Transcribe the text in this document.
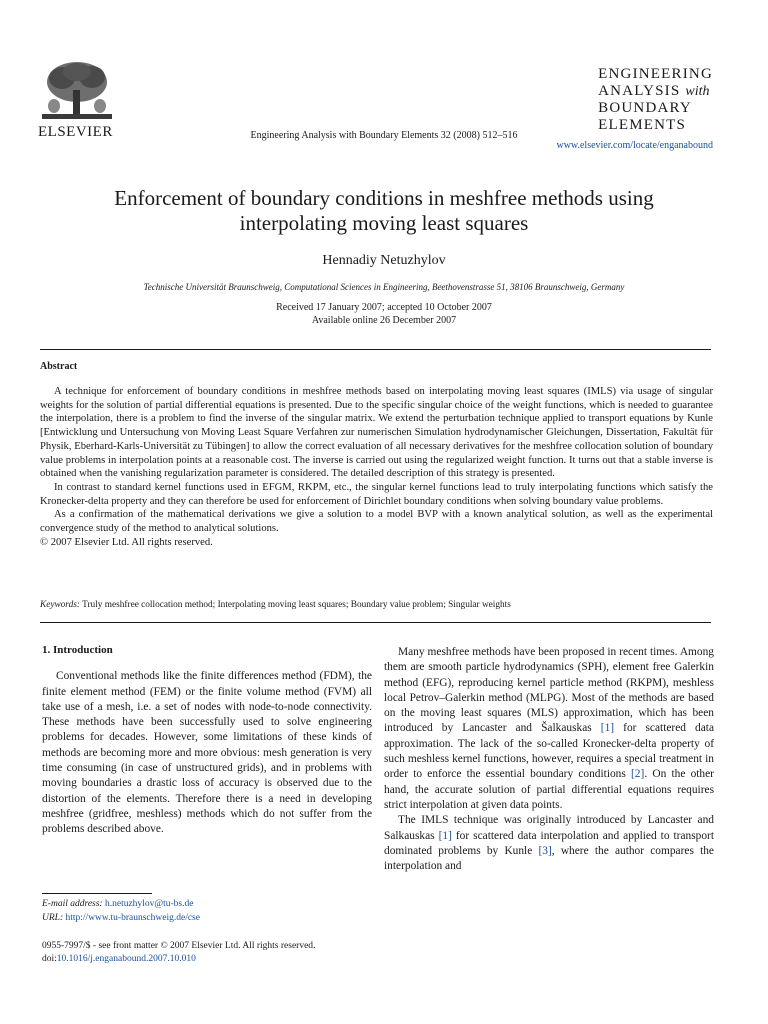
ELSEVIER	Engineering Analysis with Boundary Elements 32 (2008) 512–516
ENGINEERING
ANALYSIS with
BOUNDARY
ELEMENTS
www.elsevier.com/locate/enganabound
Enforcement of boundary conditions in meshfree methods using
interpolating moving least squares
Hennadiy Netuzhylov
Technische Universität Braunschweig, Computational Sciences in Engineering, Beethovenstrasse 51, 38106 Braunschweig, Germany
Received 17 January 2007; accepted 10 October 2007
Available online 26 December 2007
Abstract

A technique for enforcement of boundary conditions in meshfree methods based on interpolating moving least squares (IMLS) via usage of singular weights for the solution of partial differential equations is presented. Due to the specific singular choice of the weight functions, which is needed to guarantee the interpolation, there is a problem to find the inverse of the singular matrix. We extend the perturbation technique applied to transport equations by Kunle [Entwicklung und Untersuchung von Moving Least Square Verfahren zur numerischen Simulation hydrodynamischer Gleichungen, Dissertation, Fakultät für Physik, Eberhard-Karls-Universität zu Tübingen] to allow the correct evaluation of all necessary derivatives for the meshfree collocation solution of boundary value problems in interpolation points at a reasonable cost. The inverse is carried out using the regularized weight function. It turns out that a stable inverse is obtained when the vanishing regularization parameter is considered. The detailed description of this strategy is presented.

In contrast to standard kernel functions used in EFGM, RKPM, etc., the singular kernel functions lead to truly interpolating functions which satisfy the Kronecker-delta property and they can therefore be used for enforcement of Dirichlet boundary conditions when solving boundary value problems.

As a confirmation of the mathematical derivations we give a solution to a model BVP with a known analytical solution, as well as the experimental convergence study of the method to analytical solutions.

© 2007 Elsevier Ltd. All rights reserved.

Keywords: Truly meshfree collocation method; Interpolating moving least squares; Boundary value problem; Singular weights
1. Introduction

Conventional methods like the finite differences method (FDM), the finite element method (FEM) or the finite volume method (FVM) all take use of a mesh, i.e. a set of nodes with node-to-node connectivity. These methods have been successfully used to solve engineering problems for decades. However, some limitations of these kinds of methods are becoming more and more obvious: mesh generation is very time consuming (in case of unstructured grids), and in problems with moving boundaries a drastic loss of accuracy is observed due to the distortion of the elements. Therefore there is a need in developing meshfree (gridfree, meshless) methods which do not suffer from the problems described above.

Many meshfree methods have been proposed in recent times. Among them are smooth particle hydrodynamics (SPH), element free Galerkin method (EFG), reproducing kernel particle method (RKPM), meshless local Petrov–Galerkin method (MLPG). Most of the methods are based on the moving least squares (MLS) approximation, which has been introduced by Lancaster and Šalkauskas [1] for scattered data approximation. The lack of the so-called Kronecker-delta property of such meshless kernel functions, however, requires a special treatment in order to enforce the essential boundary conditions [2]. On the other hand, the accurate solution of partial differential equations requires strict interpolation at given data points.

The IMLS technique was originally introduced by Lancaster and Salkauskas [1] for scattered data interpolation and applied to transport dominated problems by Kunle [3], where the author compares the interpolation and

E-mail address: h.netuzhylov@tu-bs.de
URL: http://www.tu-braunschweig.de/cse
0955-7997/$ - see front matter © 2007 Elsevier Ltd. All rights reserved.
doi:10.1016/j.enganabound.2007.10.010
